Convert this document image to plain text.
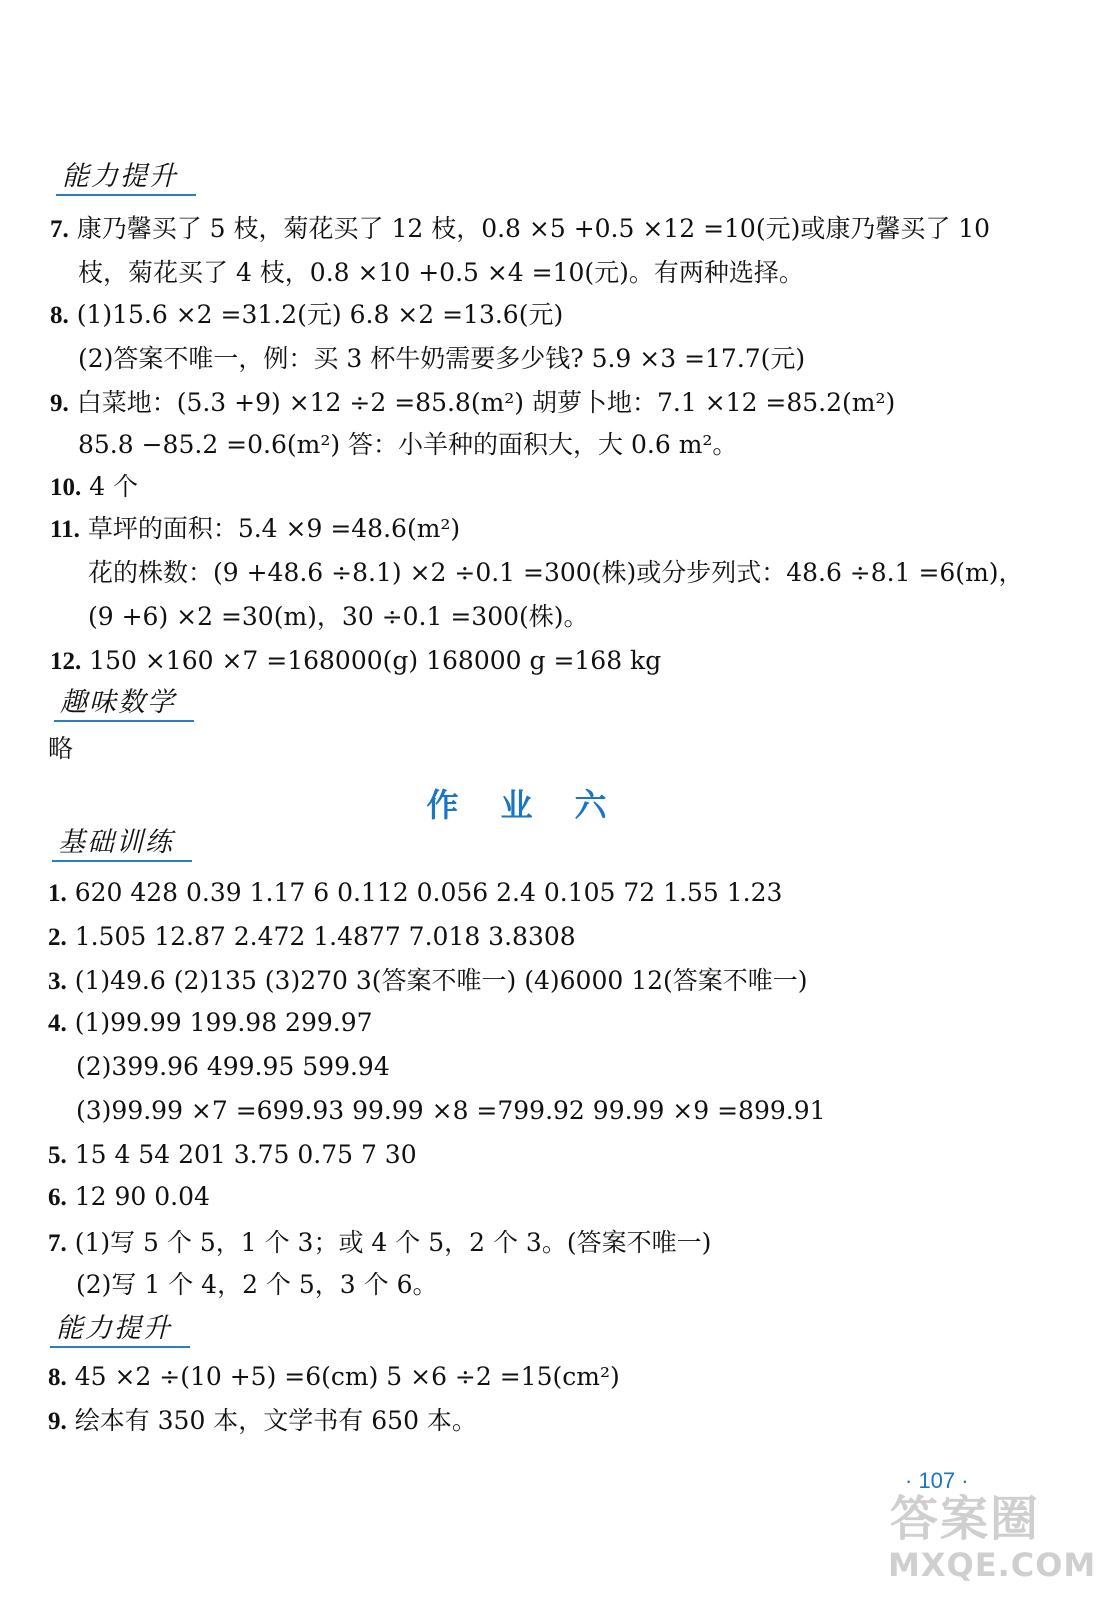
能力提升
7. 康乃馨买了 5 枝，菊花买了 12 枝，0.8 ×5 +0.5 ×12 =10(元)或康乃馨买了 10
枝，菊花买了 4 枝，0.8 ×10 +0.5 ×4 =10(元)。有两种选择。
8. (1)15.6 ×2 =31.2(元) 6.8 ×2 =13.6(元)
(2)答案不唯一，例：买 3 杯牛奶需要多少钱? 5.9 ×3 =17.7(元)
9. 白菜地：(5.3 +9) ×12 ÷2 =85.8(m²) 胡萝卜地：7.1 ×12 =85.2(m²)
85.8 −85.2 =0.6(m²) 答：小羊种的面积大，大 0.6 m²。
10. 4 个
11. 草坪的面积：5.4 ×9 =48.6(m²)
花的株数：(9 +48.6 ÷8.1) ×2 ÷0.1 =300(株)或分步列式：48.6 ÷8.1 =6(m)，
(9 +6) ×2 =30(m)，30 ÷0.1 =300(株)。
12. 150 ×160 ×7 =168000(g) 168000 g =168 kg
趣味数学
略
作业六
基础训练
1. 620 428 0.39 1.17 6 0.112 0.056 2.4 0.105 72 1.55 1.23
2. 1.505 12.87 2.472 1.4877 7.018 3.8308
3. (1)49.6 (2)135 (3)270 3(答案不唯一) (4)6000 12(答案不唯一)
4. (1)99.99 199.98 299.97
(2)399.96 499.95 599.94
(3)99.99 ×7 =699.93 99.99 ×8 =799.92 99.99 ×9 =899.91
5. 15 4 54 201 3.75 0.75 7 30
6. 12 90 0.04
7. (1)写 5 个 5，1 个 3；或 4 个 5，2 个 3。(答案不唯一)
(2)写 1 个 4，2 个 5，3 个 6。
能力提升
8. 45 ×2 ÷(10 +5) =6(cm) 5 ×6 ÷2 =15(cm²)
9. 绘本有 350 本，文学书有 650 本。
· 107 ·
答案圈
MXQE.COM
